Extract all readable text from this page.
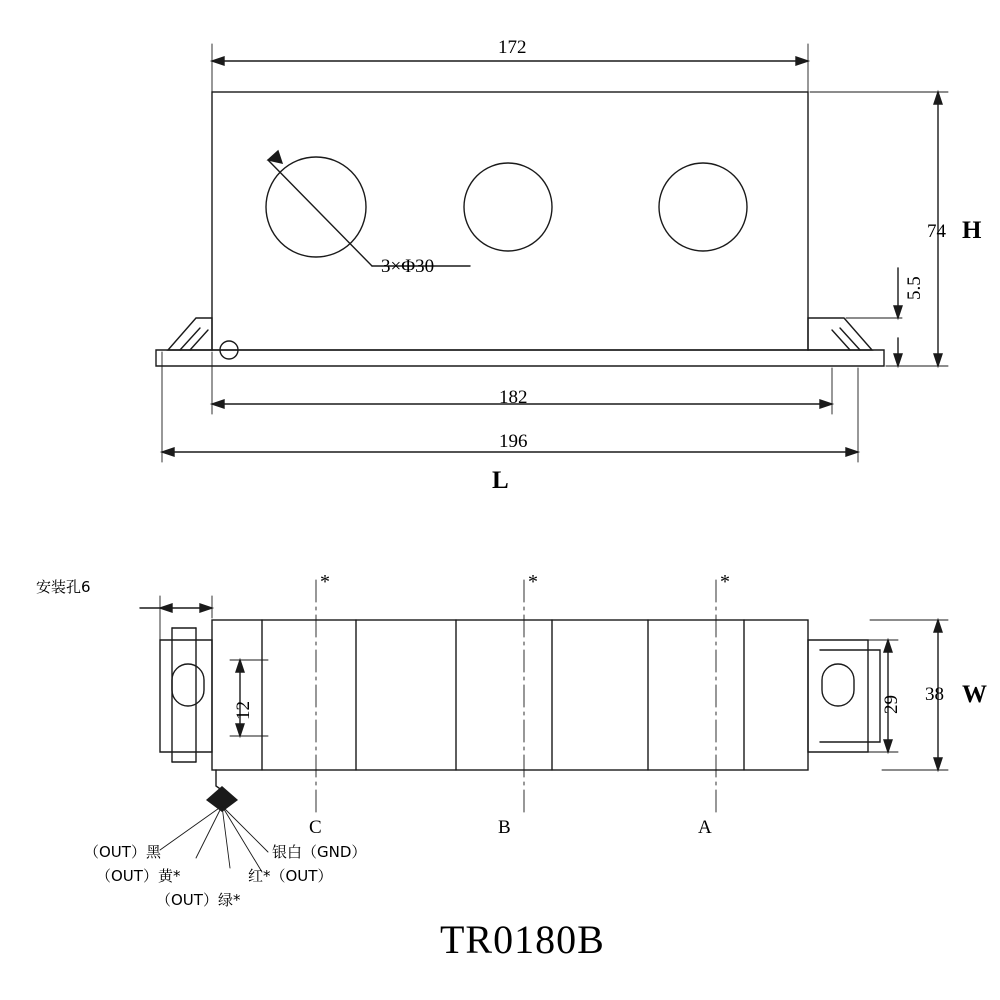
172
182
196
74
5.5
3×Φ30
H
L
安装孔6
12	29 38 W
*	*	*
C	B	A
（OUT）黑
（OUT）黄*
（OUT）绿*
银白（GND）
红*（OUT）
TR0180B
